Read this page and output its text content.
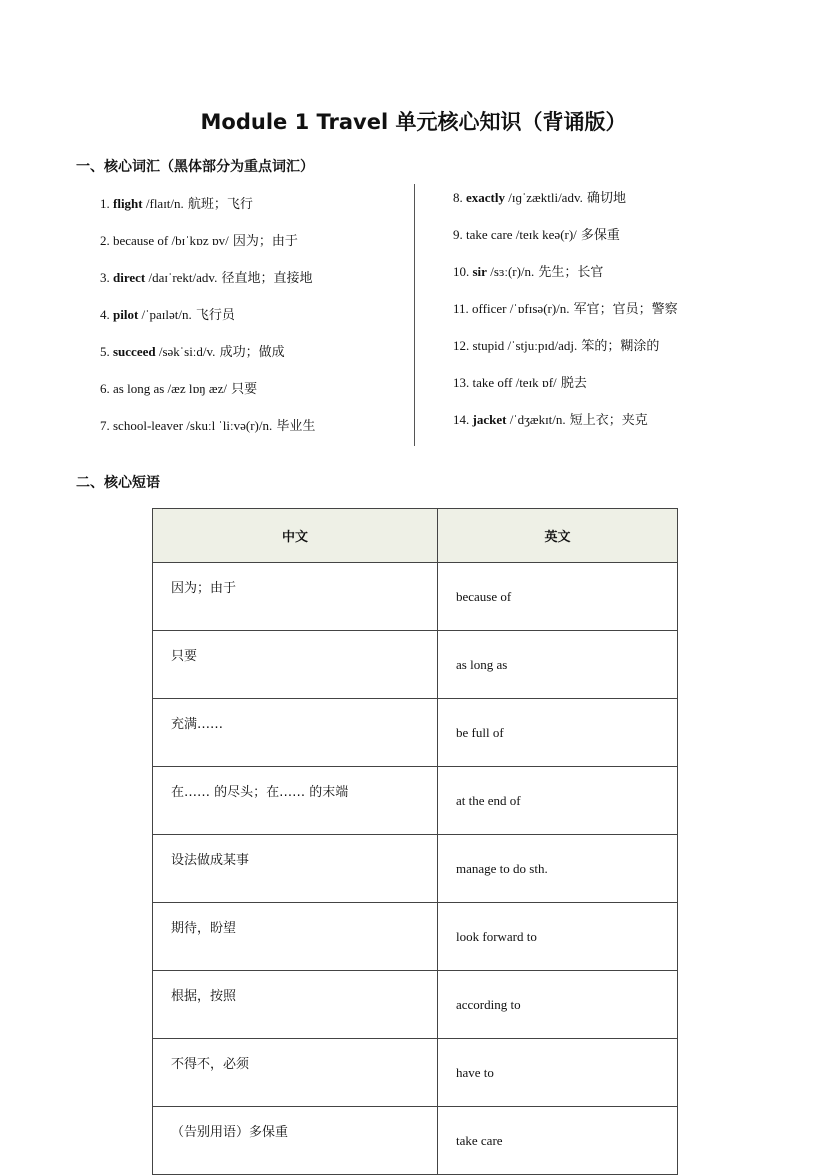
Module 1 Travel 单元核心知识（背诵版）
一、核心词汇（黑体部分为重点词汇）
1. flight /flaɪt/n. 航班；飞行
2. because of /bɪˈkɒz ɒv/ 因为；由于
3. direct /daɪˈrekt/adv. 径直地；直接地
4. pilot /ˈpaɪlət/n. 飞行员
5. succeed /səkˈsiːd/v. 成功；做成
6. as long as /æz lɒŋ æz/ 只要
7. school-leaver /skuːl ˈliːvə(r)/n. 毕业生
8. exactly /ɪɡˈzæktli/adv. 确切地
9. take care /teɪk keə(r)/ 多保重
10. sir /sɜː(r)/n. 先生；长官
11. officer /ˈɒfɪsə(r)/n. 军官；官员；警察
12. stupid /ˈstjuːpɪd/adj. 笨的；糊涂的
13. take off /teɪk ɒf/ 脱去
14. jacket /ˈdʒækɪt/n. 短上衣；夹克
二、核心短语
中文	英文
因为；由于	because of
只要	as long as
充满……	be full of
在…… 的尽头；在…… 的末端	at the end of
设法做成某事	manage to do sth.
期待，盼望	look forward to
根据，按照	according to
不得不，必须	have to
（告别用语）多保重	take care
